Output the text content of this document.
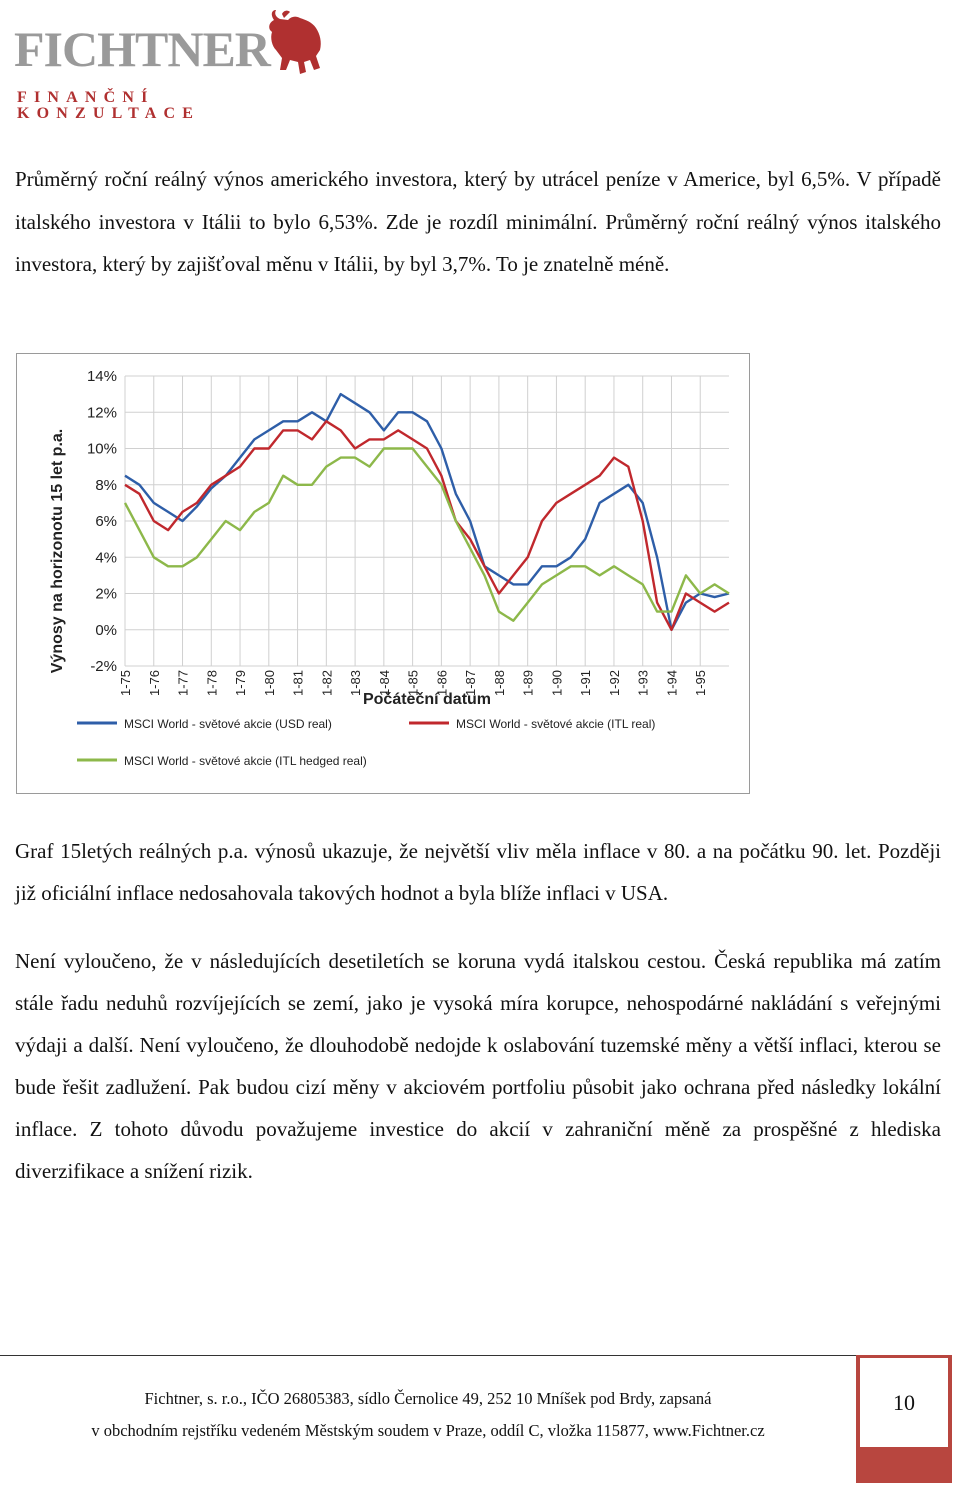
FICHTNER
FINANČNÍ KONZULTACE

Průměrný roční reálný výnos amerického investora, který by utrácel peníze v Americe, byl 6,5%. V případě italského investora v Itálii to bylo 6,53%. Zde je rozdíl minimální. Průměrný roční reálný výnos italského investora, který by zajišťoval měnu v Itálii, by byl 3,7%. To je znatelně méně.

1-75 1-76 1-77 1-78 1-79 1-80 1-81 1-82 1-83 1-84 1-85 1-86 1-87 1-88 1-89 1-90 1-91 1-92 1-93 1-94 1-95
-2%
0%
2%
4%
6%
8%
10%
12%
14%
Výnosy na horizonotu 15 let p.a.
Počáteční datum
MSCI World - světové akcie (USD real)	MSCI World - světové akcie (ITL real)
MSCI World - světové akcie (ITL hedged real)

Graf 15letých reálných p.a. výnosů ukazuje, že největší vliv měla inflace v 80. a na počátku 90. let. Později již oficiální inflace nedosahovala takových hodnot a byla blíže inflaci v USA.

Není vyloučeno, že v následujících desetiletích se koruna vydá italskou cestou. Česká republika má zatím stále řadu neduhů rozvíjejících se zemí, jako je vysoká míra korupce, nehospodárné nakládání s veřejnými výdaji a další. Není vyloučeno, že dlouhodobě nedojde k oslabování tuzemské měny a větší inflaci, kterou se bude řešit zadlužení. Pak budou cizí měny v akciovém portfoliu působit jako ochrana před následky lokální inflace. Z tohoto důvodu považujeme investice do akcií v zahraniční měně za prospěšné z hlediska diverzifikace a snížení rizik.

Fichtner, s. r.o., IČO 26805383, sídlo Černolice 49, 252 10 Mníšek pod Brdy, zapsaná
v obchodním rejstříku vedeném Městským soudem v Praze, oddíl C, vložka 115877, www.Fichtner.cz
10
